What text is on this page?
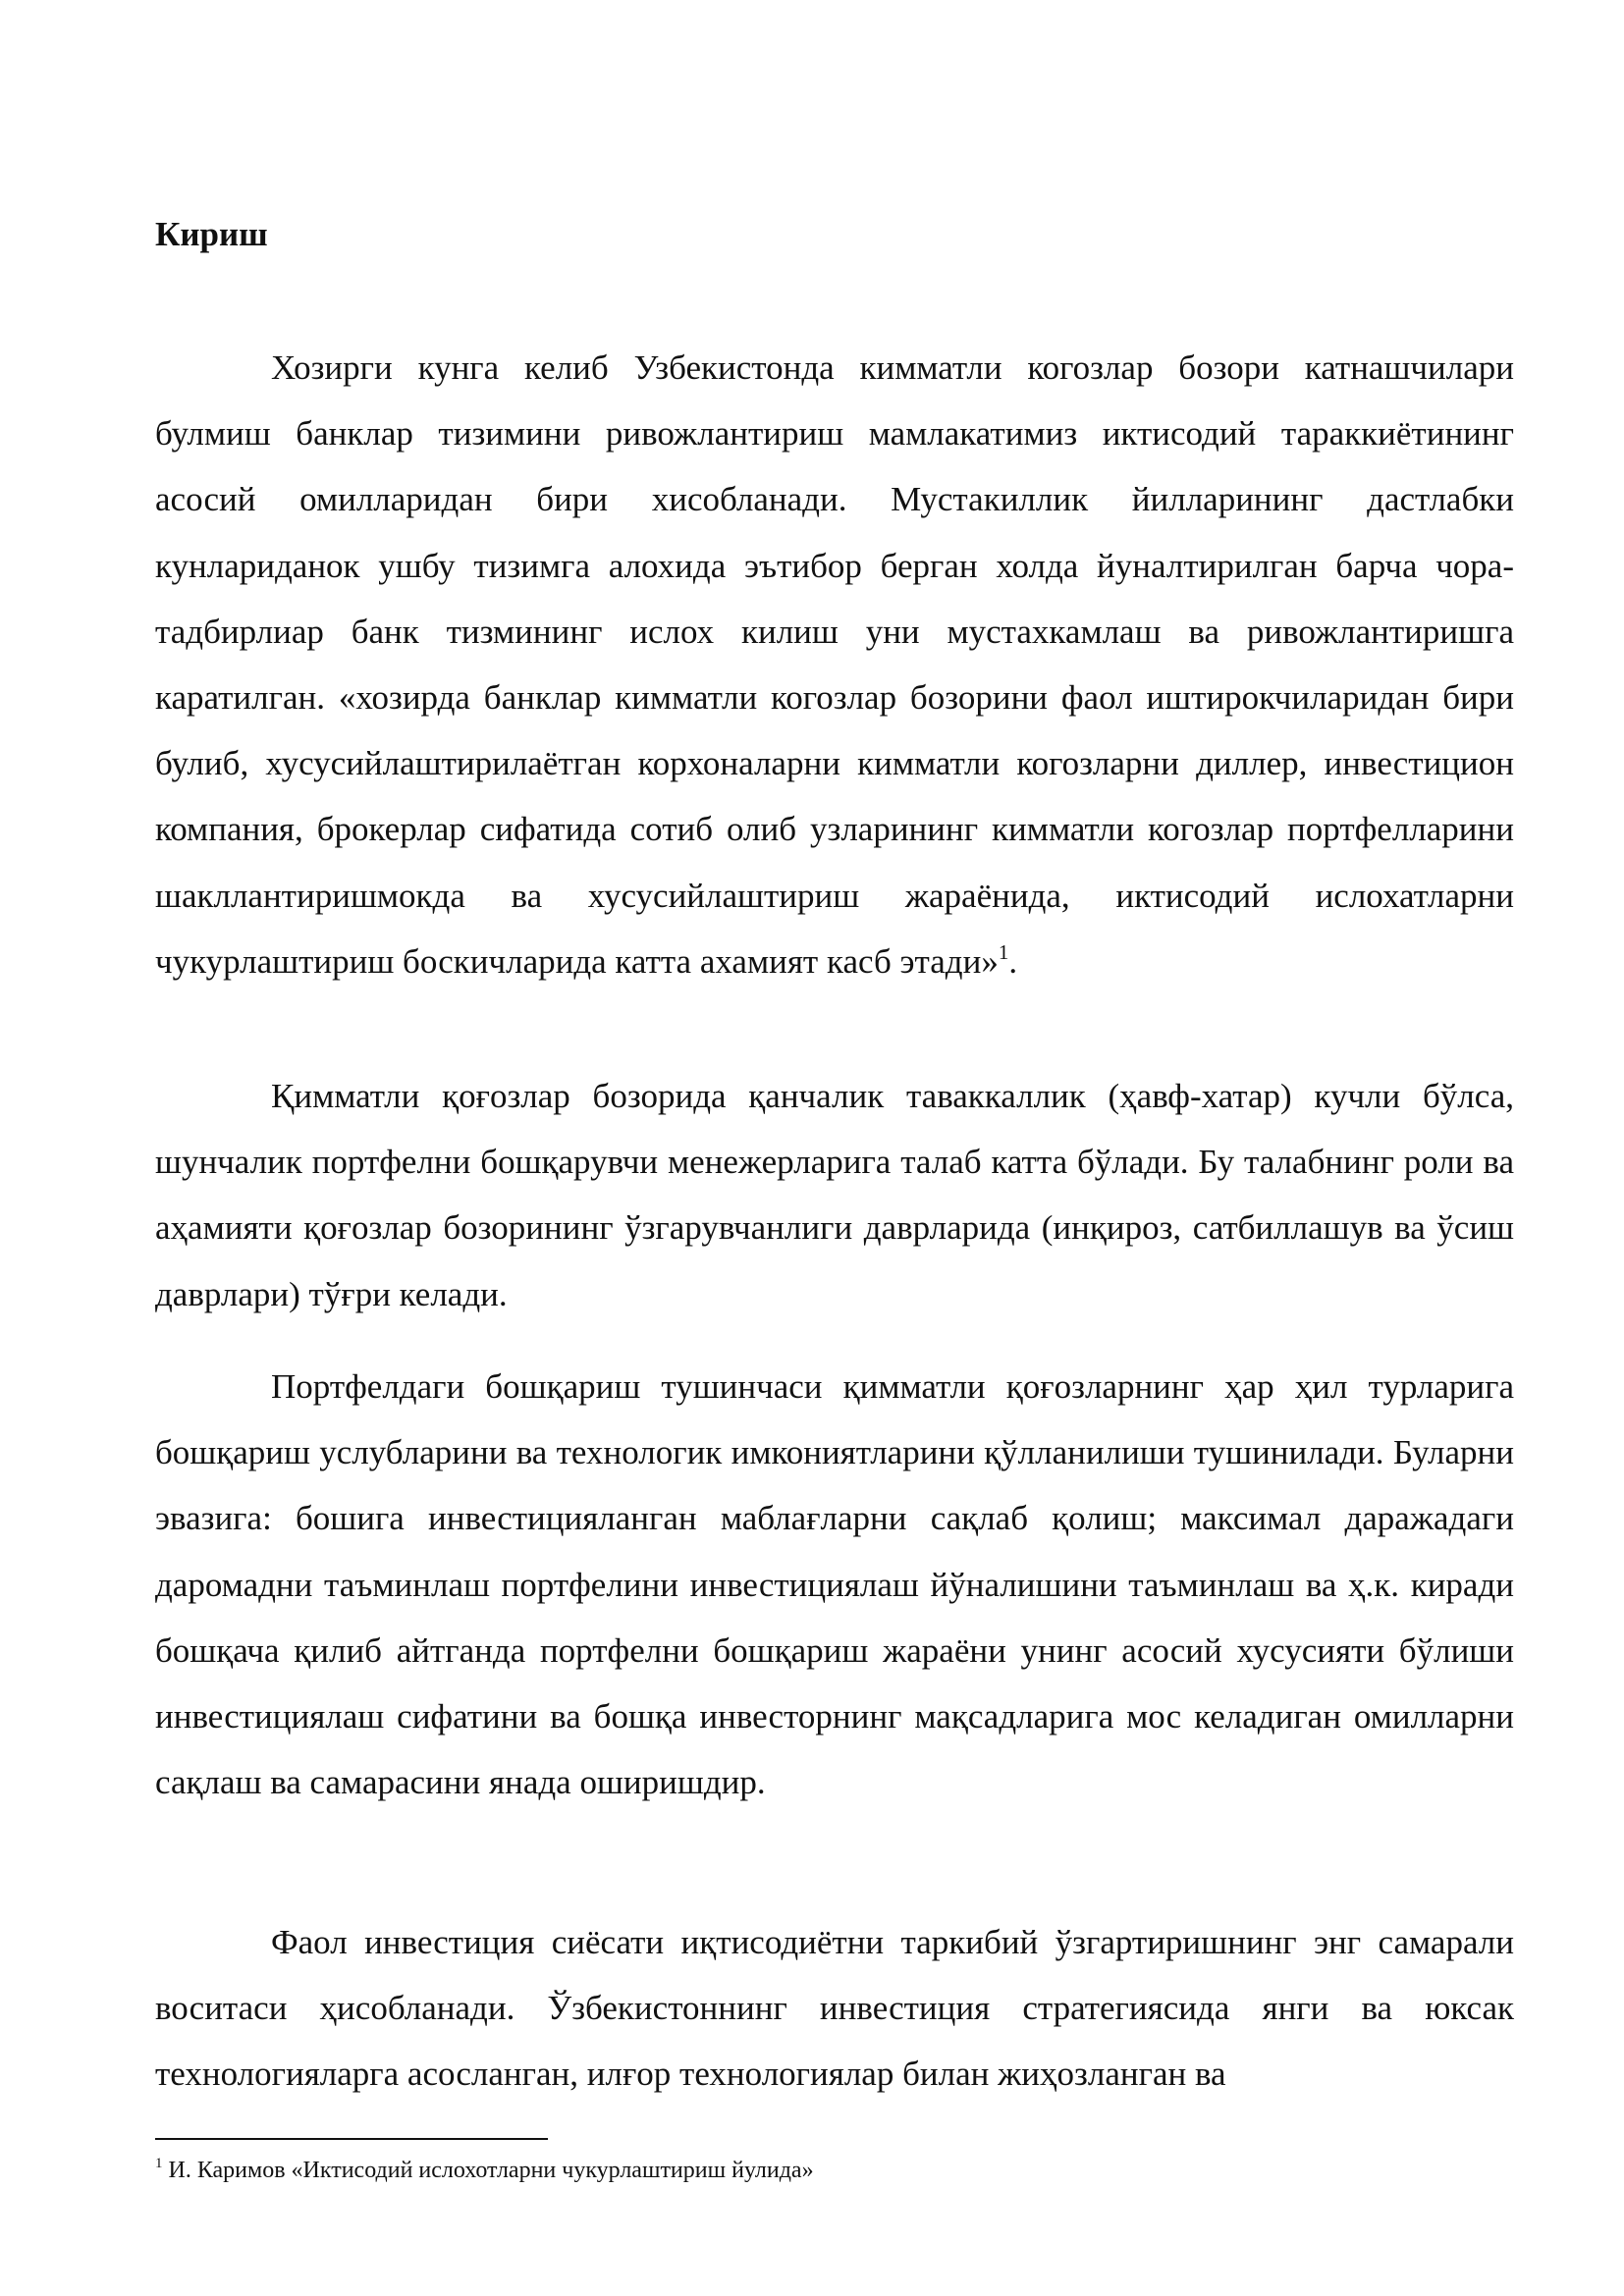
Кириш

Хозирги кунга келиб Узбекистонда кимматли когозлар бозори катнашчилари булмиш банклар тизимини ривожлантириш мамлакатимиз иктисодий тараккиётининг асосий омилларидан бири хисобланади. Мустакиллик йилларининг дастлабки кунлариданок ушбу тизимга алохида эътибор берган холда йуналтирилган барча чора-тадбирлиар банк тизмининг ислох килиш уни мустахкамлаш ва ривожлантиришга каратилган. «хозирда банклар кимматли когозлар бозорини фаол иштирокчиларидан бири булиб, хусусийлаштирилаётган корхоналарни кимматли когозларни диллер, инвестицион компания, брокерлар сифатида сотиб олиб узларининг кимматли когозлар портфелларини шакллантиришмокда ва хусусийлаштириш жараёнида, иктисодий ислохатларни чукурлаштириш боскичларида катта ахамият касб этади»$^1$.

Қимматли қоғозлар бозорида қанчалик таваккаллик (ҳавф-хатар) кучли бўлса, шунчалик портфелни бошқарувчи менежерларига талаб катта бўлади. Бу талабнинг роли ва аҳамияти қоғозлар бозорининг ўзгарувчанлиги даврларида (инқироз, сатбиллашув ва ўсиш даврлари) тўғри келади.

Портфелдаги бошқариш тушинчаси қимматли қоғозларнинг ҳар ҳил турларига бошқариш услубларини ва технологик имкониятларини қўлланилиши тушинилади. Буларни эвазига: бошига инвестицияланган маблағларни сақлаб қолиш; максимал даражадаги даромадни таъминлаш портфелини инвестициялаш йўналишини таъминлаш ва ҳ.к. киради бошқача қилиб айтганда портфелни бошқариш жараёни унинг асосий хусусияти бўлиши инвестициялаш сифатини ва бошқа инвесторнинг мақсадларига мос келадиган омилларни сақлаш ва самарасини янада оширишдир.

Фаол инвестиция сиёсати иқтисодиётни таркибий ўзгартиришнинг энг самарали воситаси ҳисобланади. Ўзбекистоннинг инвестиция стратегиясида янги ва юксак технологияларга асосланган, илғор технологиялар билан жиҳозланган ва

$^1$ И. Каримов «Иктисодий ислохотларни чукурлаштириш йулида»
